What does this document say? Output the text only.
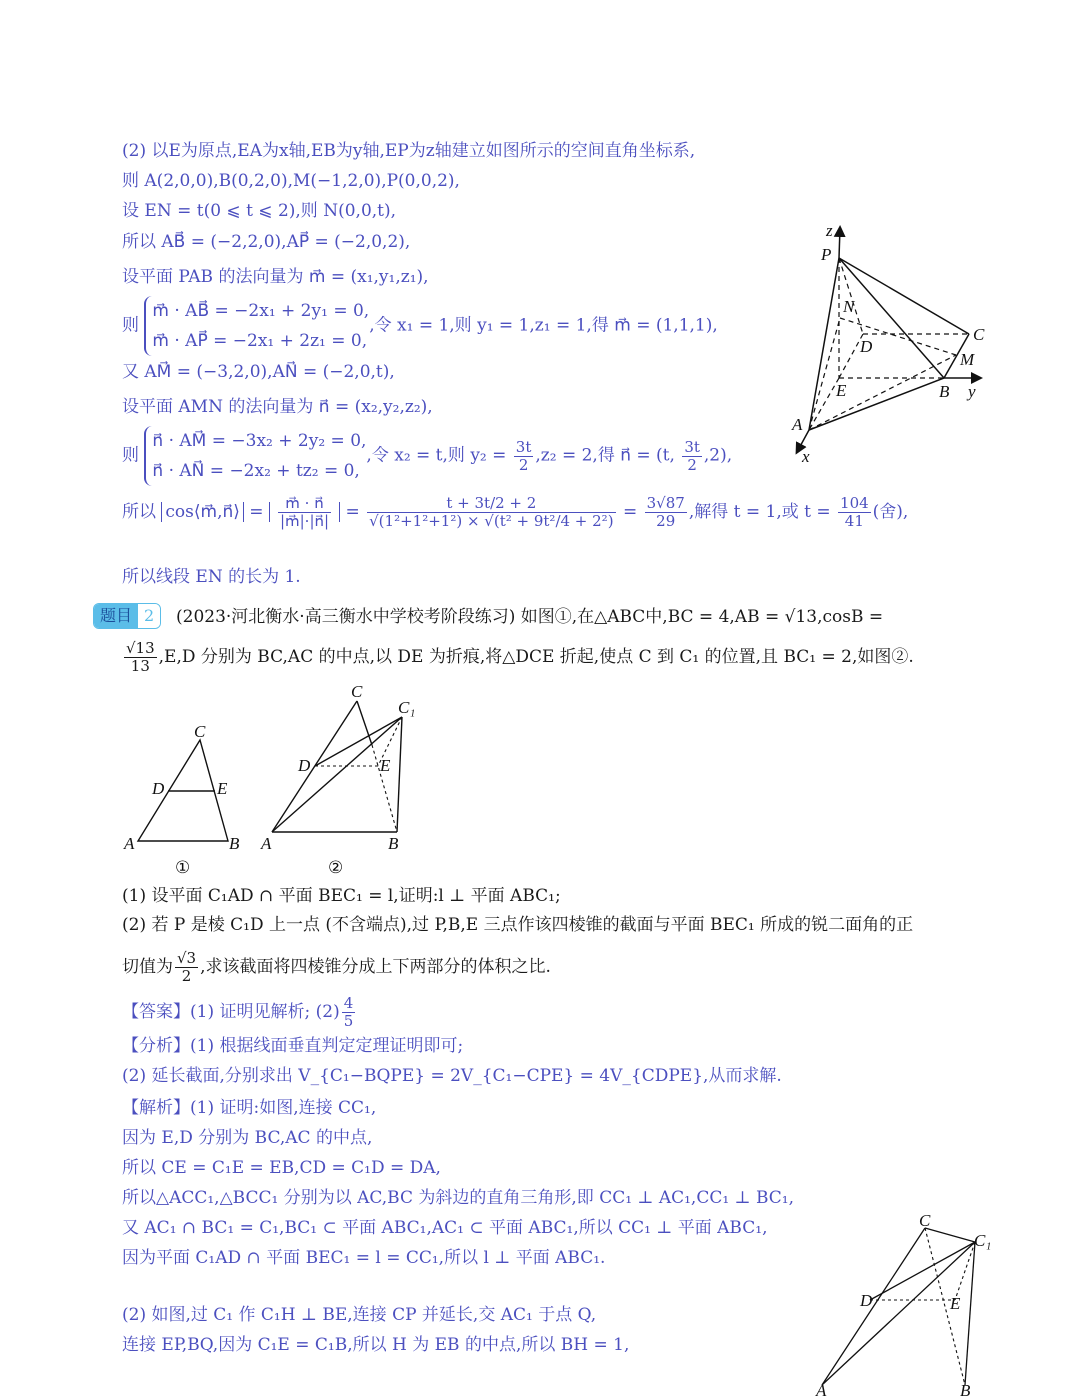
(2) 以E为原点,EA为x轴,EB为y轴,EP为z轴建立如图所示的空间直角坐标系,
则 A(2,0,0),B(0,2,0),M(−1,2,0),P(0,0,2),
设 EN = t(0 ⩽ t ⩽ 2),则 N(0,0,t),
所以 AB⃗ = (−2,2,0),AP⃗ = (−2,0,2),
设平面 PAB 的法向量为 m⃗ = (x₁,y₁,z₁),
则 m⃗ · AB⃗ = −2x₁ + 2y₁ = 0,
m⃗ · AP⃗ = −2x₁ + 2z₁ = 0,,令 x₁ = 1,则 y₁ = 1,z₁ = 1,得 m⃗ = (1,1,1),
又 AM⃗ = (−3,2,0),AN⃗ = (−2,0,t),
设平面 AMN 的法向量为 n⃗ = (x₂,y₂,z₂),
则 n⃗ · AM⃗ = −3x₂ + 2y₂ = 0,
n⃗ · AN⃗ = −2x₂ + tz₂ = 0,,令 x₂ = t,则 $y_2 = \frac{3t}{2} ,z_2 = 2$,得 n⃗ = (t, $\frac{3t}{2} ,2$),
所以 cos⟨m⃗,n⃗⟩ = $\frac{m⃗ \cdot n⃗}{|m⃗|\cdot|n⃗|} = \frac{t + 3t/2 + 2}{\text{√(1²+1²+1²) × √(t² + 9t²/4 + 2²)}} = \frac{3√87}{29}$ ,解得 t = 1,或 $t = \frac{104}{41}$ (舍),
所以线段 EN 的长为 1.
题目 2	(2023·河北衡水·高三衡水中学校考阶段练习) 如图①,在△ABC中,BC = 4,AB = √13,cosB =
$\frac{√13}{13} ,E,D$ 分别为 BC,AC 的中点,以 DE 为折痕,将△DCE 折起,使点 C 到 C₁ 的位置,且 BC₁ = 2,如图②.
(1) 设平面 C₁AD ∩ 平面 BEC₁ = l,证明:l ⊥ 平面 ABC₁;
(2) 若 P 是棱 C₁D 上一点 (不含端点),过 P,B,E 三点作该四棱锥的截面与平面 BEC₁ 所成的锐二面角的正
切值为 $\frac{√3}{2}$ ,求该截面将四棱锥分成上下两部分的体积之比.
【答案】(1) 证明见解析; $(2) \frac{4}{5}$
【分析】(1) 根据线面垂直判定定理证明即可;
(2) 延长截面,分别求出 V_{C₁−BQPE} = 2V_{C₁−CPE} = 4V_{CDPE},从而求解.
【解析】(1) 证明:如图,连接 CC₁,
因为 E,D 分别为 BC,AC 的中点,
所以 CE = C₁E = EB,CD = C₁D = DA,
所以△ACC₁,△BCC₁ 分别为以 AC,BC 为斜边的直角三角形,即 CC₁ ⊥ AC₁,CC₁ ⊥ BC₁,
又 AC₁ ∩ BC₁ = C₁,BC₁ ⊂ 平面 ABC₁,AC₁ ⊂ 平面 ABC₁,所以 CC₁ ⊥ 平面 ABC₁,
因为平面 C₁AD ∩ 平面 BEC₁ = l = CC₁,所以 l ⊥ 平面 ABC₁.
(2) 如图,过 C₁ 作 C₁H ⊥ BE,连接 CP 并延长,交 AC₁ 于点 Q,
连接 EP,BQ,因为 C₁E = C₁B,所以 H 为 EB 的中点,所以 BH = 1,
z
P
N
D
C
M
E	B y
A
x
C
D	E
A	B
①
C
C₁
D	E
A	B
②
C
C₁
D	E
A	B
